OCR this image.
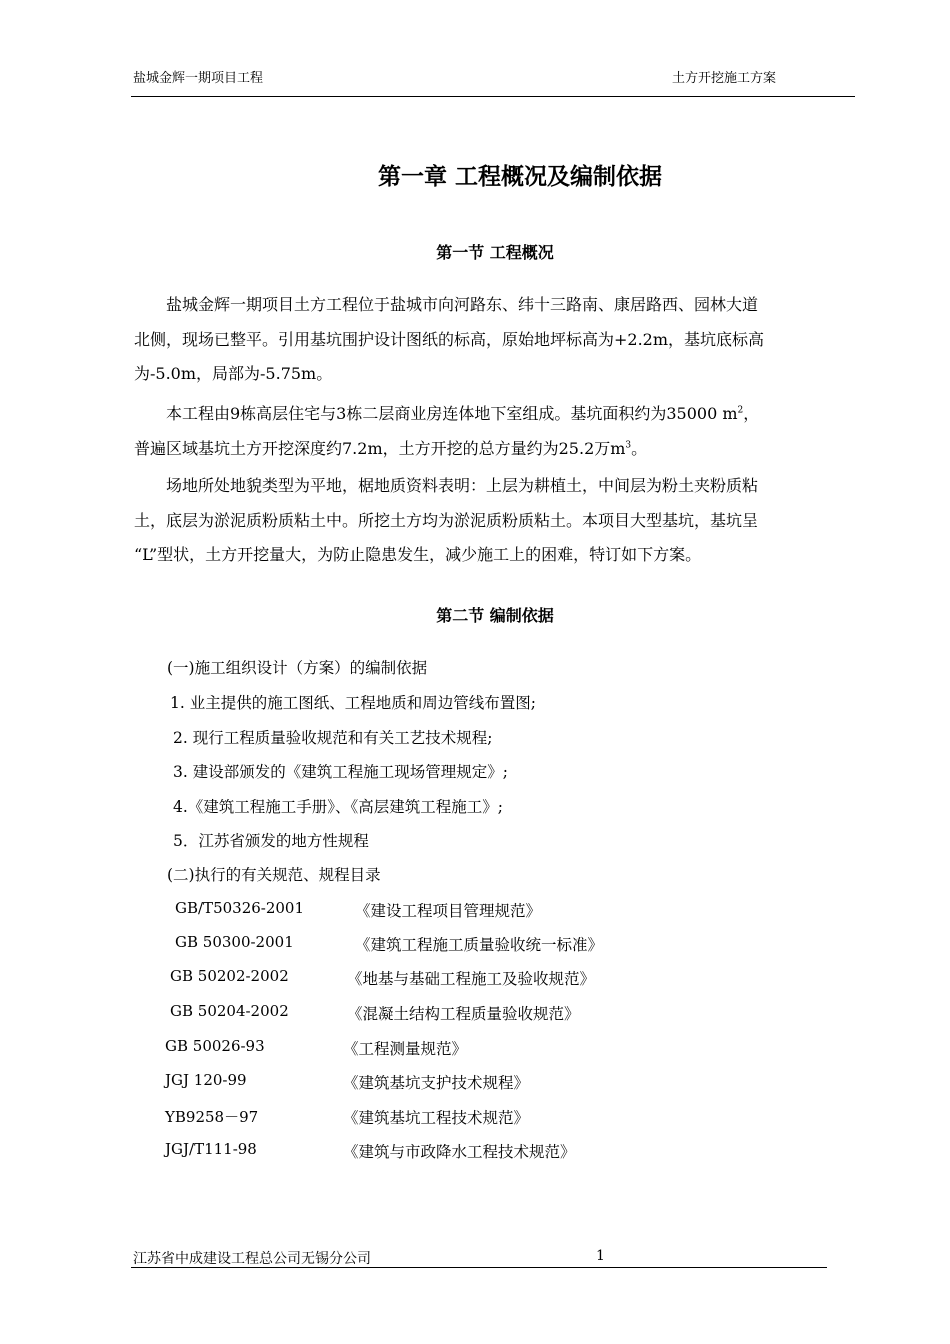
盐城金辉一期项目工程	土方开挖施工方案
第一章 工程概况及编制依据
第一节 工程概况
　　盐城金辉一期项目土方工程位于盐城市向河路东、纬十三路南、康居路西、园林大道
北侧，现场已整平。引用基坑围护设计图纸的标高，原始地坪标高为+2.2m，基坑底标高
为-5.0m，局部为-5.75m。
　　本工程由9栋高层住宅与3栋二层商业房连体地下室组成。基坑面积约为35000 $m^2$，
普遍区域基坑土方开挖深度约7.2m，土方开挖的总方量约为25.2万$m^3$。
　　场地所处地貌类型为平地，椐地质资料表明：上层为耕植土，中间层为粉土夹粉质粘
土，底层为淤泥质粉质粘土中。所挖土方均为淤泥质粉质粘土。本项目大型基坑，基坑呈
“L”型状，土方开挖量大，为防止隐患发生，减少施工上的困难，特订如下方案。
第二节 编制依据
(一)施工组织设计（方案）的编制依据
1. 业主提供的施工图纸、工程地质和周边管线布置图;
2. 现行工程质量验收规范和有关工艺技术规程;
3. 建设部颁发的《建筑工程施工现场管理规定》;
4.《建筑工程施工手册》、《高层建筑工程施工》;
5．江苏省颁发的地方性规程
(二)执行的有关规范、规程目录
GB/T50326-2001	《建设工程项目管理规范》
GB 50300-2001	《建筑工程施工质量验收统一标准》
GB 50202-2002	《地基与基础工程施工及验收规范》
GB 50204-2002	《混凝土结构工程质量验收规范》
GB 50026-93	《工程测量规范》
JGJ 120-99	《建筑基坑支护技术规程》
YB9258－97	《建筑基坑工程技术规范》
JGJ/T111-98	《建筑与市政降水工程技术规范》
江苏省中成建设工程总公司无锡分公司	1
